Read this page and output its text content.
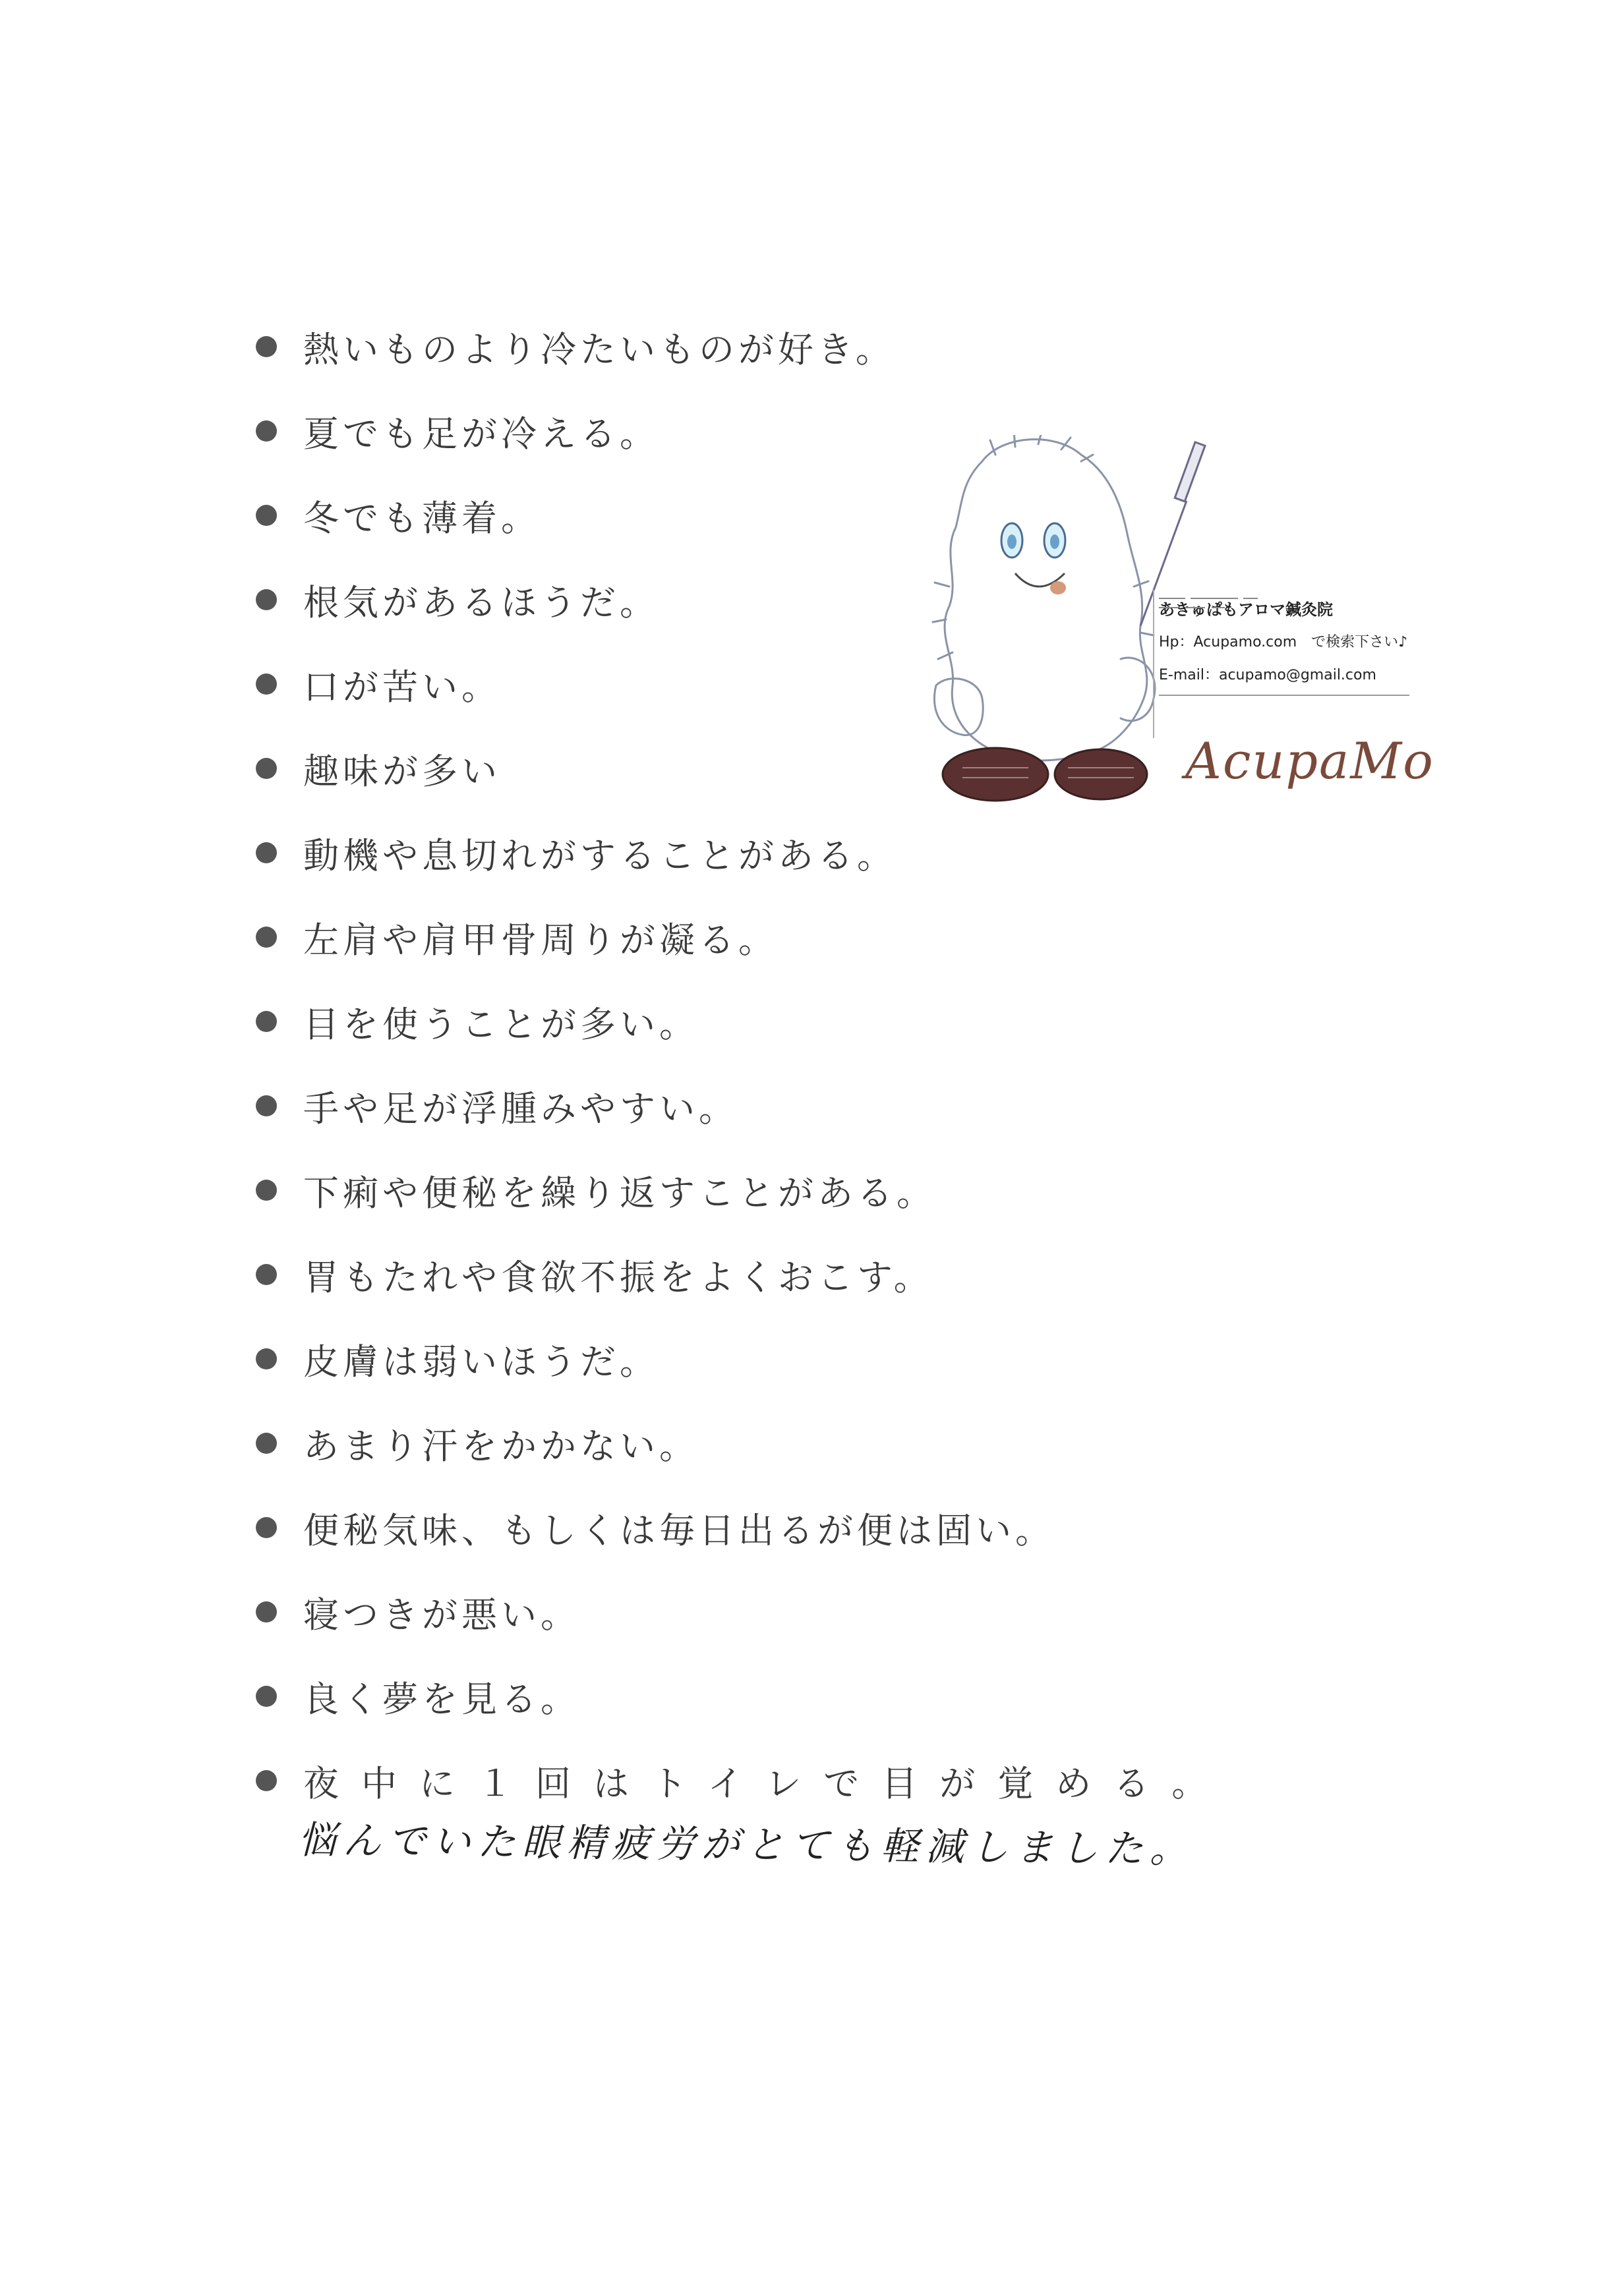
熱いものより冷たいものが好き。
夏でも足が冷える。
冬でも薄着。
根気があるほうだ。
口が苦い。
趣味が多い
動機や息切れがすることがある。
左肩や肩甲骨周りが凝る。
目を使うことが多い。
手や足が浮腫みやすい。
下痢や便秘を繰り返すことがある。
胃もたれや食欲不振をよくおこす。
皮膚は弱いほうだ。
あまり汗をかかない。
便秘気味、もしくは毎日出るが便は固い。
寝つきが悪い。
良く夢を見る。
夜中に１回はトイレで目が覚める。
悩んでいた眼精疲労がとても軽減しました。
あきゅぱもアロマ鍼灸院
Hp：Acupamo.com　で検索下さい♪
E-mail：acupamo@gmail.com
AcupaMo
